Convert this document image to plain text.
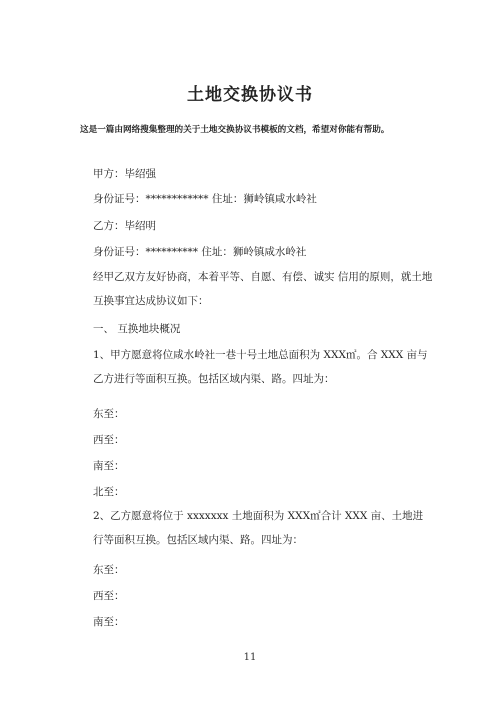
土地交换协议书
这是一篇由网络搜集整理的关于土地交换协议书模板的文档，希望对你能有帮助。
甲方：毕绍强
身份证号：************ 住址：狮岭镇咸水岭社
乙方：毕绍明
身份证号：********** 住址：狮岭镇咸水岭社
经甲乙双方友好协商，本着平等、自愿、有偿、诚实 信用的原则，就土地互换事宜达成协议如下：
一、 互换地块概况
1、甲方愿意将位咸水岭社一巷十号土地总面积为 XXX㎡。合 XXX 亩与乙方进行等面积互换。包括区域内渠、路。四址为：
东至：
西至：
南至：
北至：
2、乙方愿意将位于 xxxxxxx 土地面积为 XXX㎡合计 XXX 亩、土地进行等面积互换。包括区域内渠、路。四址为：
东至：
西至：
南至：
11
